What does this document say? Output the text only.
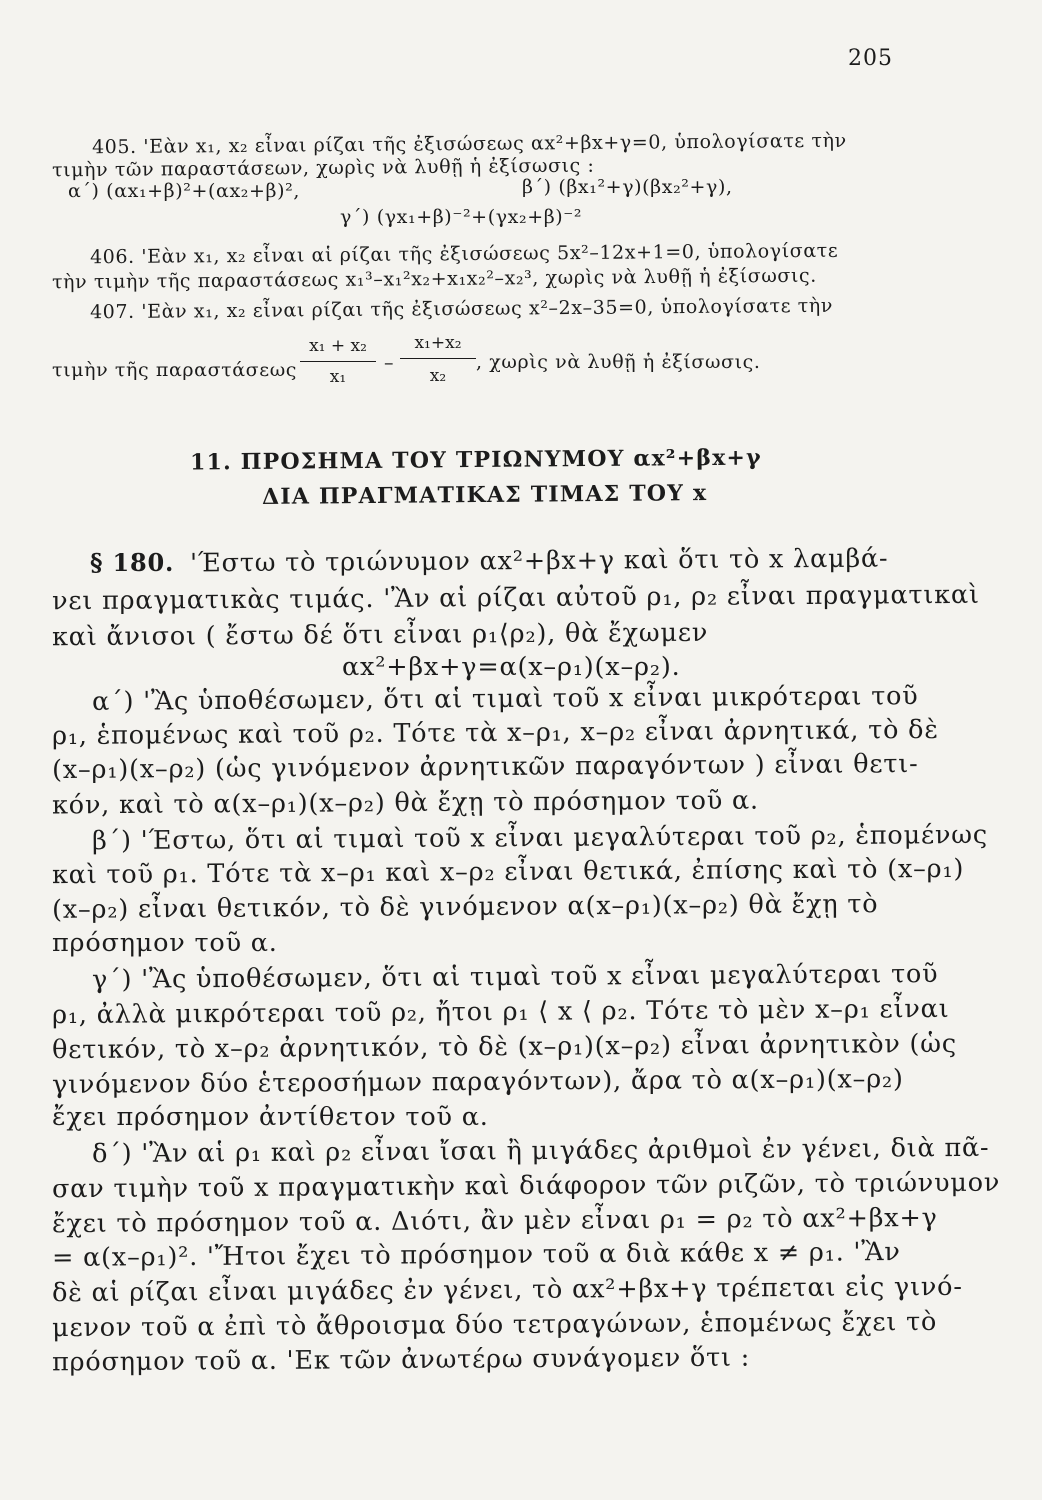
205
405. 'Εὰν x₁, x₂ εἶναι ρίζαι τῆς ἐξισώσεως αx²+βx+γ=0, ὑπολογίσατε τὴν
τιμὴν τῶν παραστάσεων, χωρὶς νὰ λυθῇ ἡ ἐξίσωσις :
α΄) (αx₁+β)²+(αx₂+β)²,	β΄) (βx₁²+γ)(βx₂²+γ),
γ΄) (γx₁+β)⁻²+(γx₂+β)⁻²
406. 'Εὰν x₁, x₂ εἶναι αἱ ρίζαι τῆς ἐξισώσεως 5x²–12x+1=0, ὑπολογίσατε
τὴν τιμὴν τῆς παραστάσεως x₁³–x₁²x₂+x₁x₂²–x₂³, χωρὶς νὰ λυθῇ ἡ ἐξίσωσις.
407. 'Εὰν x₁, x₂ εἶναι ρίζαι τῆς ἐξισώσεως x²–2x–35=0, ὑπολογίσατε τὴν
τιμὴν τῆς παραστάσεως
x₁ + x₂
x₁
–
x₁+x₂
x₂
, χωρὶς νὰ λυθῇ ἡ ἐξίσωσις.
11. ΠΡΟΣΗΜΑ ΤΟΥ ΤΡΙΩΝΥΜΟΥ αx²+βx+γ
ΔΙΑ ΠΡΑΓΜΑΤΙΚΑΣ ΤΙΜΑΣ ΤΟΥ x
§ 180. 'Έστω τὸ τριώνυμον αx²+βx+γ καὶ ὅτι τὸ x λαμβά-
νει πραγματικὰς τιμάς. 'Ἂν αἱ ρίζαι αὐτοῦ ρ₁, ρ₂ εἶναι πραγματικαὶ
καὶ ἄνισοι ( ἔστω δέ ὅτι εἶναι ρ₁⟨ρ₂), θὰ ἔχωμεν
αx²+βx+γ=α(x–ρ₁)(x–ρ₂).
α΄) 'Ἂς ὑποθέσωμεν, ὅτι αἱ τιμαὶ τοῦ x εἶναι μικρότεραι τοῦ
ρ₁, ἑπομένως καὶ τοῦ ρ₂. Τότε τὰ x–ρ₁, x–ρ₂ εἶναι ἀρνητικά, τὸ δὲ
(x–ρ₁)(x–ρ₂) (ὡς γινόμενον ἀρνητικῶν παραγόντων ) εἶναι θετι-
κόν, καὶ τὸ α(x–ρ₁)(x–ρ₂) θὰ ἔχῃ τὸ πρόσημον τοῦ α.
β΄) 'Έστω, ὅτι αἱ τιμαὶ τοῦ x εἶναι μεγαλύτεραι τοῦ ρ₂, ἑπομένως
καὶ τοῦ ρ₁. Τότε τὰ x–ρ₁ καὶ x–ρ₂ εἶναι θετικά, ἐπίσης καὶ τὸ (x–ρ₁)
(x–ρ₂) εἶναι θετικόν, τὸ δὲ γινόμενον α(x–ρ₁)(x–ρ₂) θὰ ἔχῃ τὸ
πρόσημον τοῦ α.
γ΄) 'Ἂς ὑποθέσωμεν, ὅτι αἱ τιμαὶ τοῦ x εἶναι μεγαλύτεραι τοῦ
ρ₁, ἀλλὰ μικρότεραι τοῦ ρ₂, ἤτοι ρ₁ ⟨ x ⟨ ρ₂. Τότε τὸ μὲν x–ρ₁ εἶναι
θετικόν, τὸ x–ρ₂ ἀρνητικόν, τὸ δὲ (x–ρ₁)(x–ρ₂) εἶναι ἀρνητικὸν (ὡς
γινόμενον δύο ἑτεροσήμων παραγόντων), ἄρα τὸ α(x–ρ₁)(x–ρ₂)
ἔχει πρόσημον ἀντίθετον τοῦ α.
δ΄) 'Ἂν αἱ ρ₁ καὶ ρ₂ εἶναι ἴσαι ἢ μιγάδες ἀριθμοὶ ἐν γένει, διὰ πᾶ-
σαν τιμὴν τοῦ x πραγματικὴν καὶ διάφορον τῶν ριζῶν, τὸ τριώνυμον
ἔχει τὸ πρόσημον τοῦ α. Διότι, ἂν μὲν εἶναι ρ₁ = ρ₂ τὸ αx²+βx+γ
= α(x–ρ₁)². 'Ἤτοι ἔχει τὸ πρόσημον τοῦ α διὰ κάθε x ≠ ρ₁. 'Ἂν
δὲ αἱ ρίζαι εἶναι μιγάδες ἐν γένει, τὸ αx²+βx+γ τρέπεται εἰς γινό-
μενον τοῦ α ἐπὶ τὸ ἄθροισμα δύο τετραγώνων, ἑπομένως ἔχει τὸ
πρόσημον τοῦ α. 'Εκ τῶν ἀνωτέρω συνάγομεν ὅτι :
